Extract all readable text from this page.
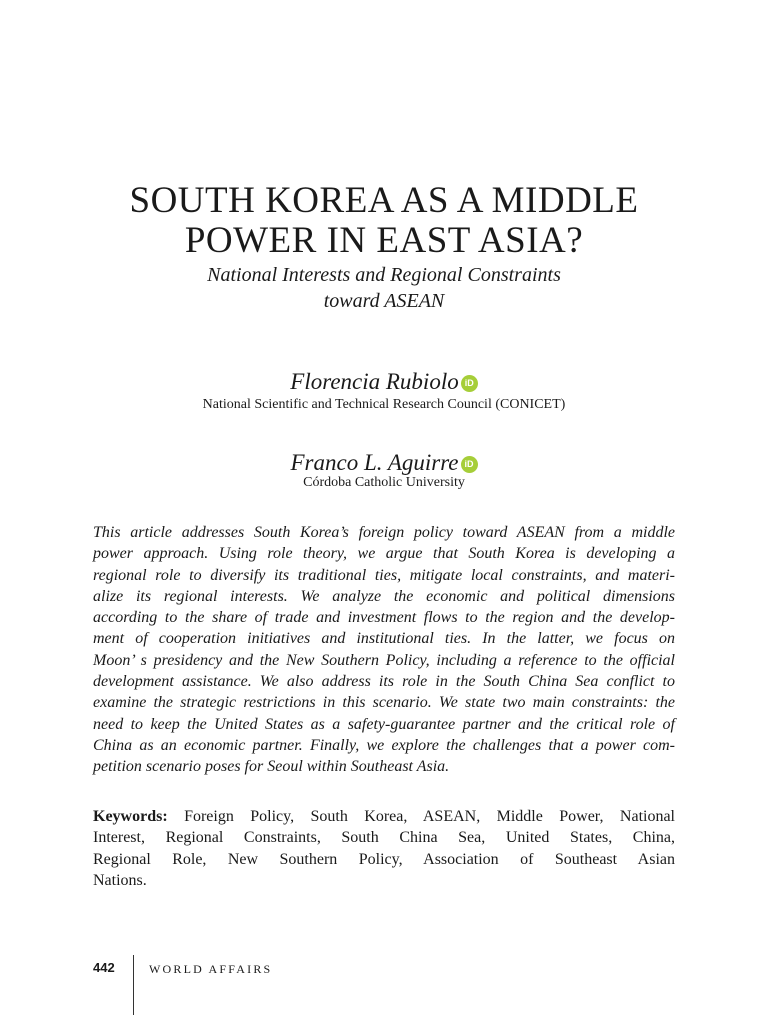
SOUTH KOREA AS A MIDDLE
POWER IN EAST ASIA?
National Interests and Regional Constraints
toward ASEAN
Florencia Rubiolo iD
National Scientific and Technical Research Council (CONICET)
Franco L. Aguirre iD
Córdoba Catholic University
This article addresses South Korea’s foreign policy toward ASEAN from a middle
power approach. Using role theory, we argue that South Korea is developing a
regional role to diversify its traditional ties, mitigate local constraints, and materi-
alize its regional interests. We analyze the economic and political dimensions
according to the share of trade and investment flows to the region and the develop-
ment of cooperation initiatives and institutional ties. In the latter, we focus on
Moon’ s presidency and the New Southern Policy, including a reference to the official
development assistance. We also address its role in the South China Sea conflict to
examine the strategic restrictions in this scenario. We state two main constraints: the
need to keep the United States as a safety-guarantee partner and the critical role of
China as an economic partner. Finally, we explore the challenges that a power com-
petition scenario poses for Seoul within Southeast Asia.
Keywords: Foreign Policy, South Korea, ASEAN, Middle Power, National
Interest, Regional Constraints, South China Sea, United States, China,
Regional Role, New Southern Policy, Association of Southeast Asian
Nations.
442	WORLD AFFAIRS
